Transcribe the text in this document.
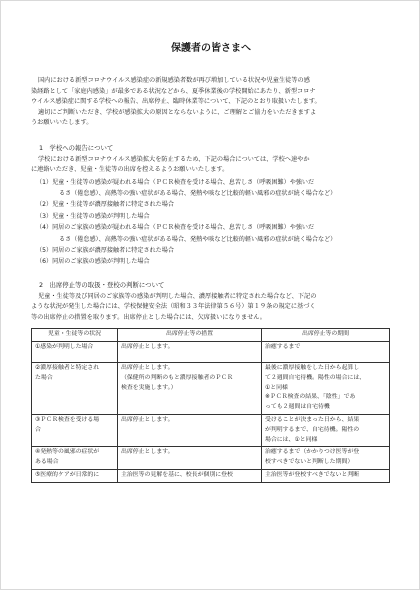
保護者の皆さまへ

国内における新型コロナウイルス感染症の新規感染者数が再び増加している状況や児童生徒等の感

染経路として「家庭内感染」が最多である状況などから、夏季休業後の学校開始にあたり、新型コロナ

ウイルス感染症に関する学校への報告、出席停止、臨時休業等について、下記のとおり取扱いたします。

適切にご判断いただき、学校が感染拡大の原因とならないように、ご理解とご協力をいただきますよ

うお願いいたします。

1　学校への報告について

学校における新型コロナウイルス感染拡大を防止するため、下記の場合については、学校へ速やか

に連絡いただき、児童・生徒等の出席を控えるようお願いいたします。

（1）児童・生徒等の感染が疑われる場合（ＰＣＲ検査を受ける場合、息苦しさ（呼吸困難）や強いだ
るさ（倦怠感）、高熱等の強い症状がある場合、発熱や咳など比較的軽い風邪の症状が続く場合など）
（2）児童・生徒等が濃厚接触者に特定された場合
（3）児童・生徒等の感染が判明した場合
（4）同居のご家族の感染が疑われる場合（ＰＣＲ検査を受ける場合、息苦しさ（呼吸困難）や強いだ
るさ（倦怠感）、高熱等の強い症状がある場合、発熱や咳など比較的軽い風邪の症状が続く場合など）
（5）同居のご家族が濃厚接触者に特定された場合
（6）同居のご家族の感染が判明した場合
2　出席停止等の取扱・登校の判断について

児童・生徒等及び同居のご家族等の感染が判明した場合、濃厚接触者に特定された場合など、下記の

ような状況が発生した場合には、学校保健安全法（昭和３３年法律第５６号）第１９条の規定に基づく

等の出席停止の措置を取ります。出席停止とした場合には、欠席扱いになりません。

児童・生徒等の状況	出席停止等の措置	出席停止等の期間

①感染が判明した場合	出席停止とします。	治癒するまで

②濃厚接触者と特定され
た場合	出席停止とします。
（保健所の判断のもと濃厚接触者のＰＣＲ
検査を実施します。）	最後に濃厚接触をした日から起算し
て２週間自宅待機。陽性の場合には、
①と同様
※ＰＣＲ検査の結果、「陰性」であ
っても２週間は自宅待機

③ＰＣＲ検査を受ける場
合	出席停止とします。	受けることが決まった日から、結果
が判明するまで、自宅待機。陽性の
場合には、①と同様

④発熱等の風邪の症状が
ある場合	出席停止とします。	治癒するまで（かかりつけ医等が登
校すべきでないと判断した期間）

⑤医療的ケアが日常的に	主治医等の見解を基に、校長が個別に登校	主治医等が登校すべきでないと判断
